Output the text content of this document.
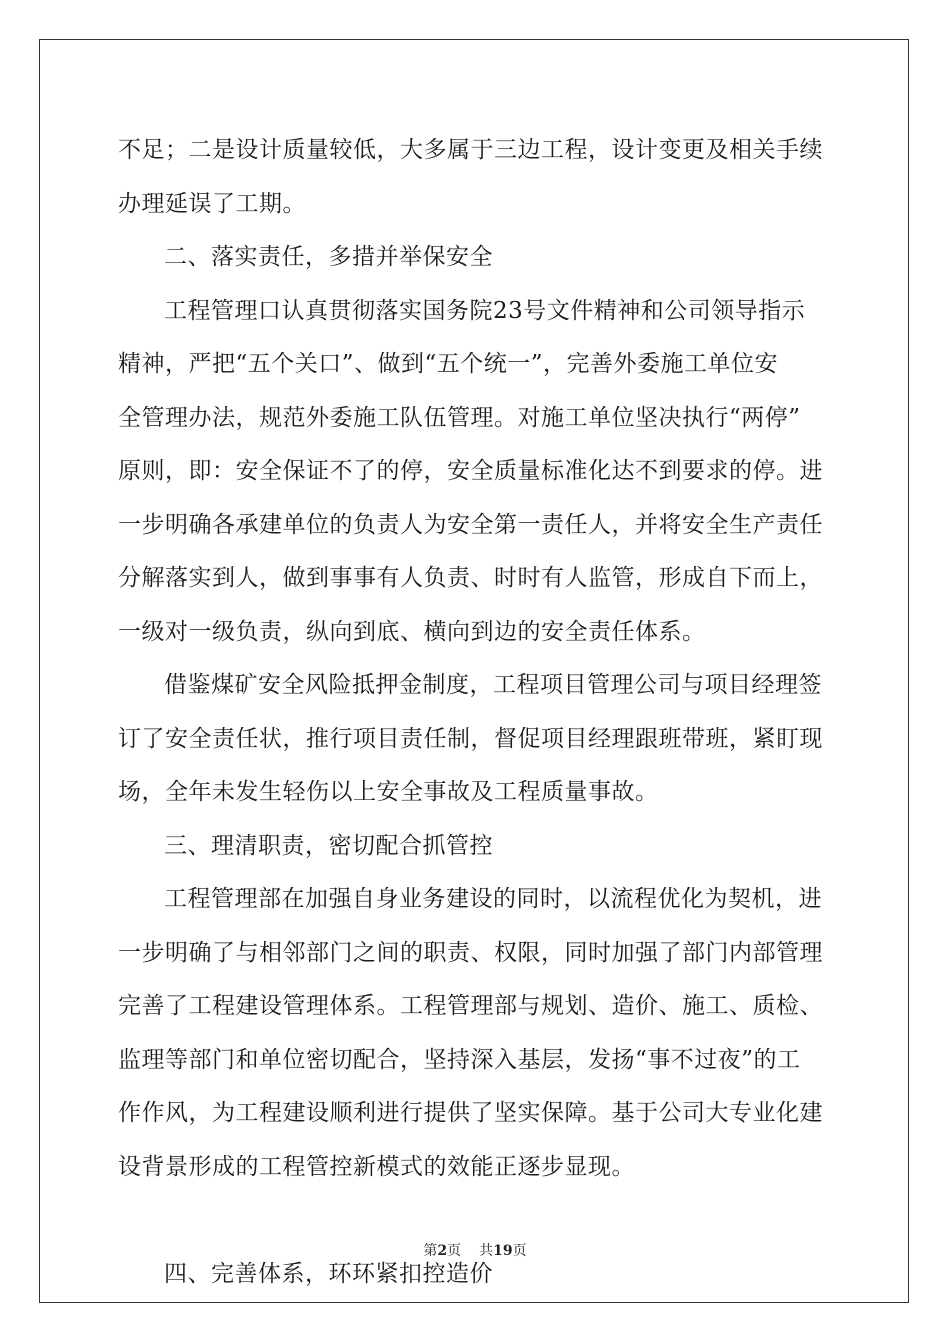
不足；二是设计质量较低，大多属于三边工程，设计变更及相关手续
办理延误了工期。
二、落实责任，多措并举保安全
工程管理口认真贯彻落实国务院23号文件精神和公司领导指示
精神，严把“五个关口”、做到“五个统一”，完善外委施工单位安
全管理办法，规范外委施工队伍管理。对施工单位坚决执行“两停”
原则，即：安全保证不了的停，安全质量标准化达不到要求的停。进
一步明确各承建单位的负责人为安全第一责任人，并将安全生产责任
分解落实到人，做到事事有人负责、时时有人监管，形成自下而上，
一级对一级负责，纵向到底、横向到边的安全责任体系。
借鉴煤矿安全风险抵押金制度，工程项目管理公司与项目经理签
订了安全责任状，推行项目责任制，督促项目经理跟班带班，紧盯现
场，全年未发生轻伤以上安全事故及工程质量事故。
三、理清职责，密切配合抓管控
工程管理部在加强自身业务建设的同时，以流程优化为契机，进
一步明确了与相邻部门之间的职责、权限，同时加强了部门内部管理
完善了工程建设管理体系。工程管理部与规划、造价、施工、质检、
监理等部门和单位密切配合，坚持深入基层，发扬“事不过夜”的工
作作风，为工程建设顺利进行提供了坚实保障。基于公司大专业化建
设背景形成的工程管控新模式的效能正逐步显现。
四、完善体系，环环紧扣控造价
第2页 共19页
